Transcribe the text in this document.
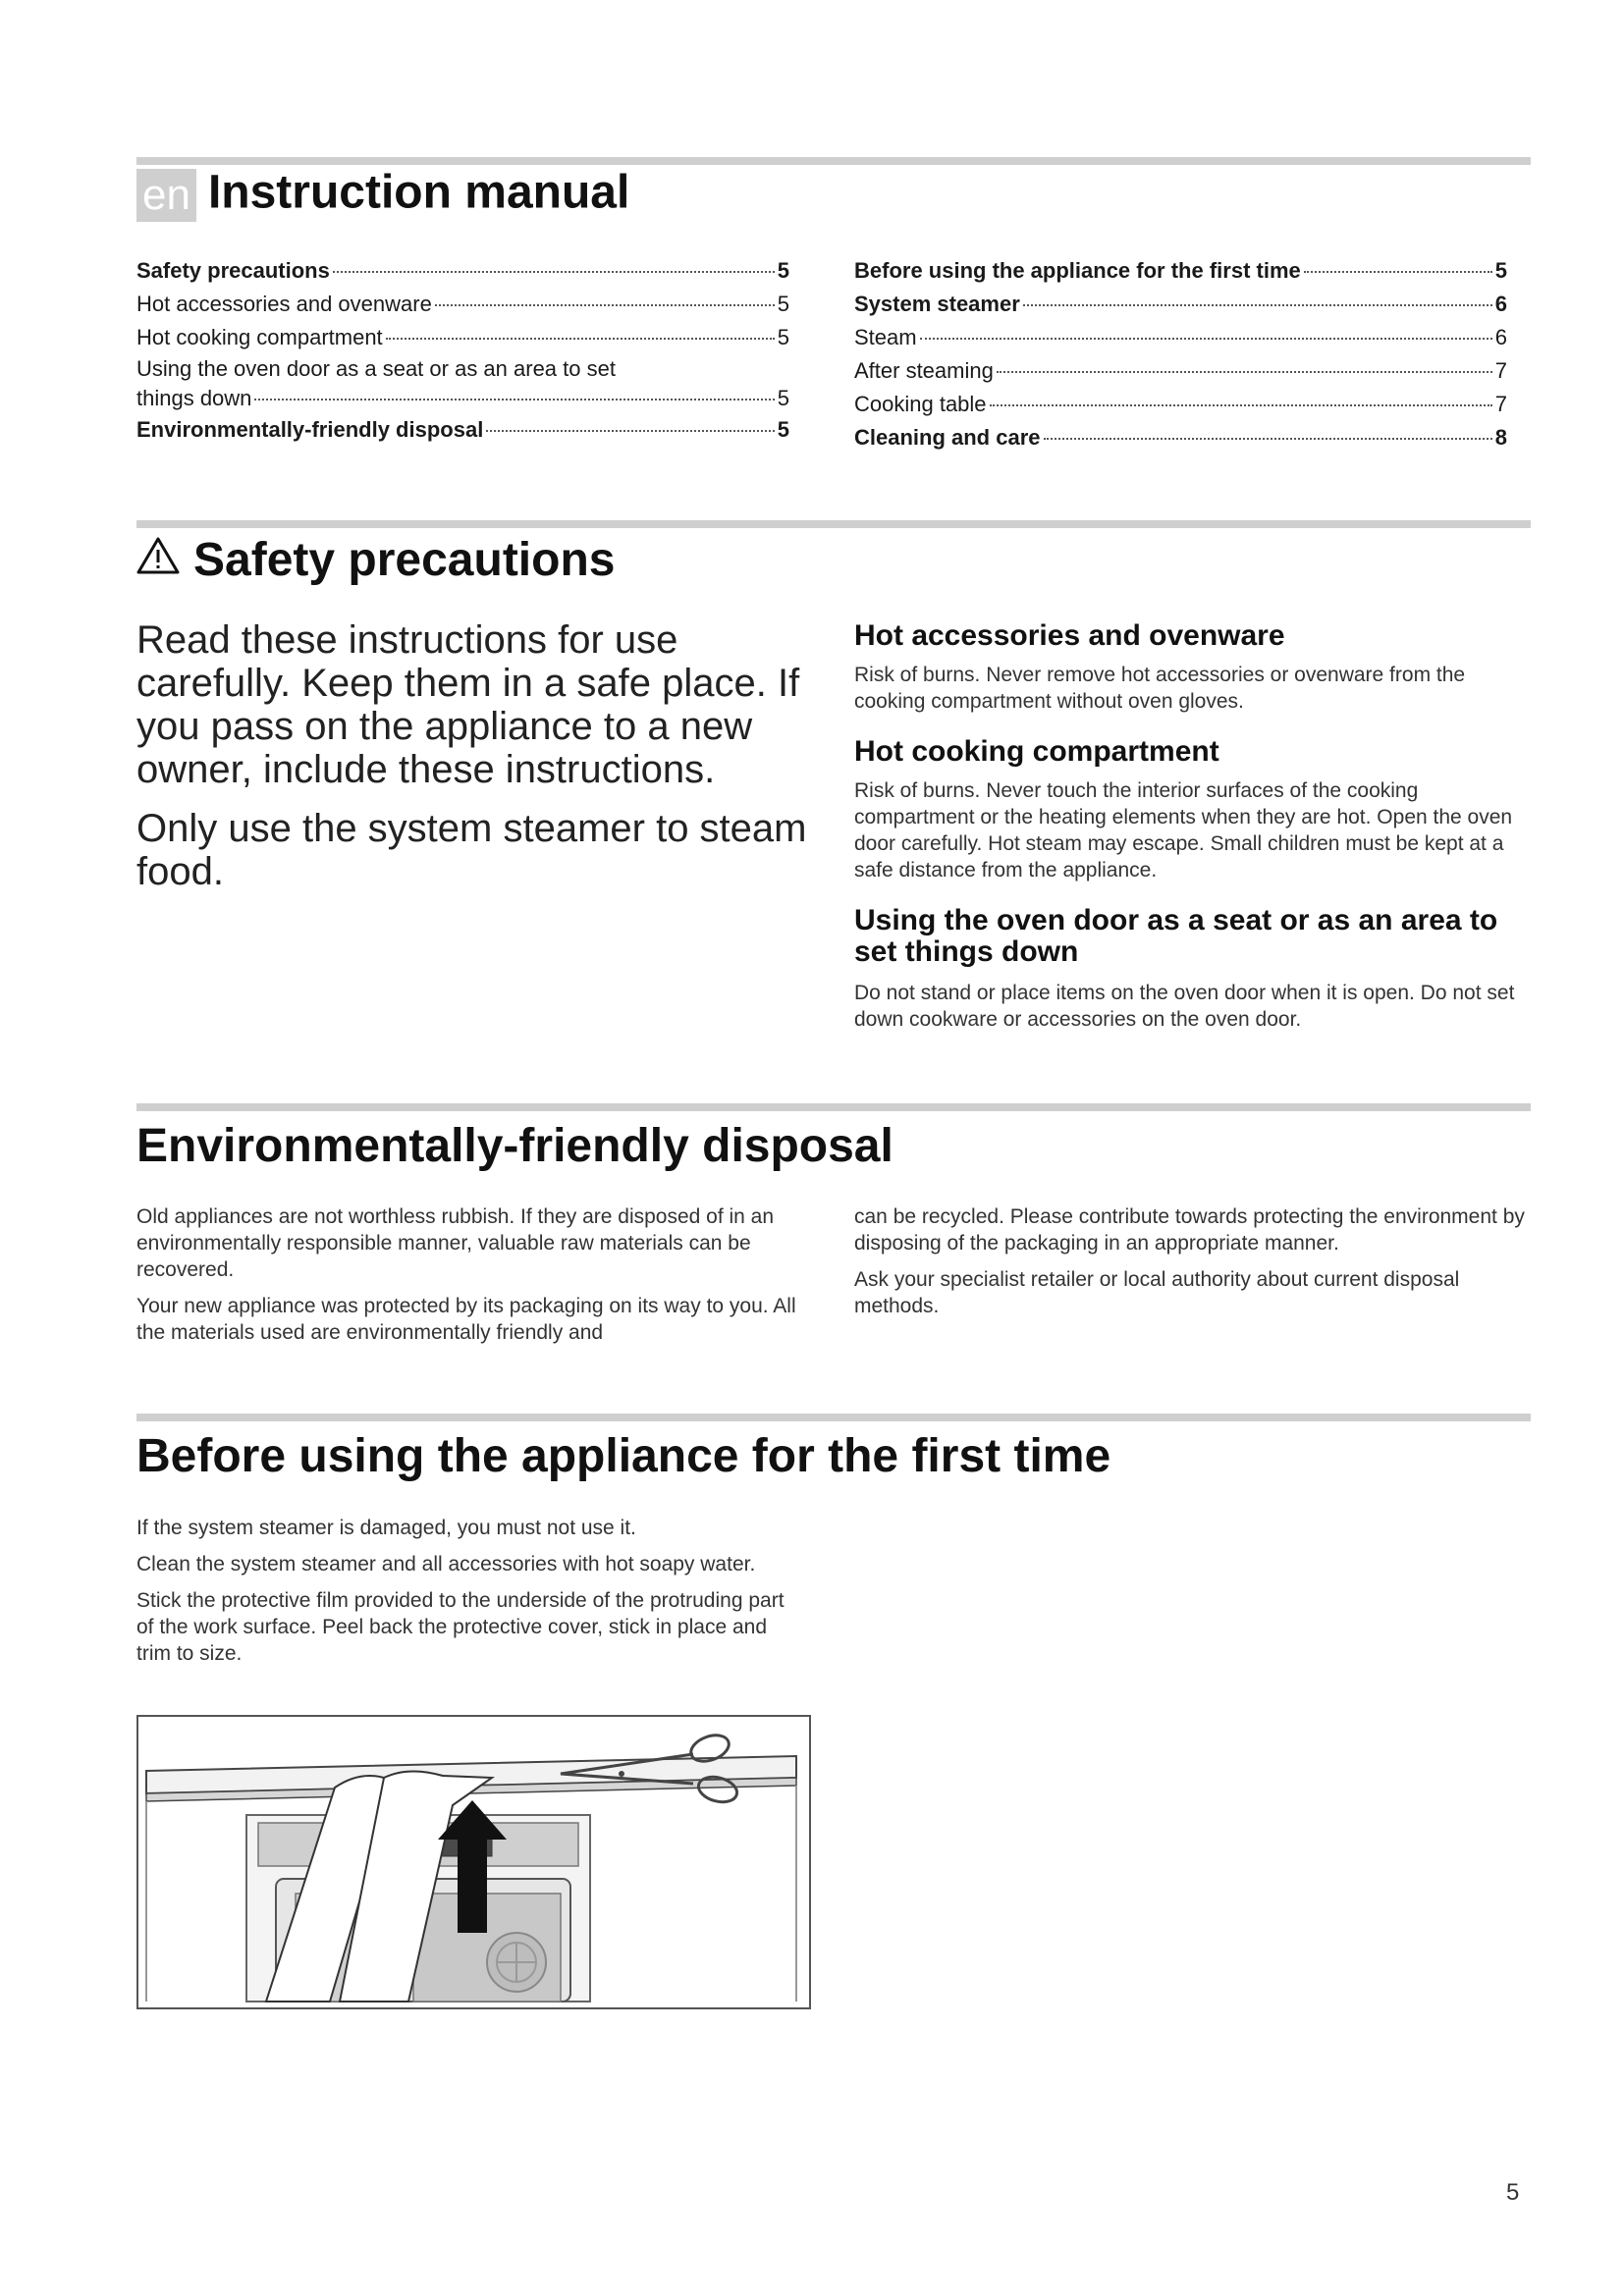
en Instruction manual
Safety precautions	5
Hot accessories and ovenware	5
Hot cooking compartment	5
Using the oven door as a seat or as an area to set
things down	5
Environmentally-friendly disposal	5
Before using the appliance for the first time	5
System steamer	6
Steam	6
After steaming	7
Cooking table	7
Cleaning and care	8
Safety precautions

Read these instructions for use carefully. Keep them in a safe place. If you pass on the appliance to a new owner, include these instructions.

Only use the system steamer to steam food.

Hot accessories and ovenware

Risk of burns. Never remove hot accessories or ovenware from the cooking compartment without oven gloves.

Hot cooking compartment

Risk of burns. Never touch the interior surfaces of the cooking compartment or the heating elements when they are hot. Open the oven door carefully. Hot steam may escape. Small children must be kept at a safe distance from the appliance.

Using the oven door as a seat or as an area to set things down

Do not stand or place items on the oven door when it is open. Do not set down cookware or accessories on the oven door.

Environmentally-friendly disposal

Old appliances are not worthless rubbish. If they are disposed of in an environmentally responsible manner, valuable raw materials can be recovered.

Your new appliance was protected by its packaging on its way to you. All the materials used are environmentally friendly and

can be recycled. Please contribute towards protecting the environment by disposing of the packaging in an appropriate manner.

Ask your specialist retailer or local authority about current disposal methods.

Before using the appliance for the first time

If the system steamer is damaged, you must not use it.

Clean the system steamer and all accessories with hot soapy water.

Stick the protective film provided to the underside of the protruding part of the work surface. Peel back the protective cover, stick in place and trim to size.

5
